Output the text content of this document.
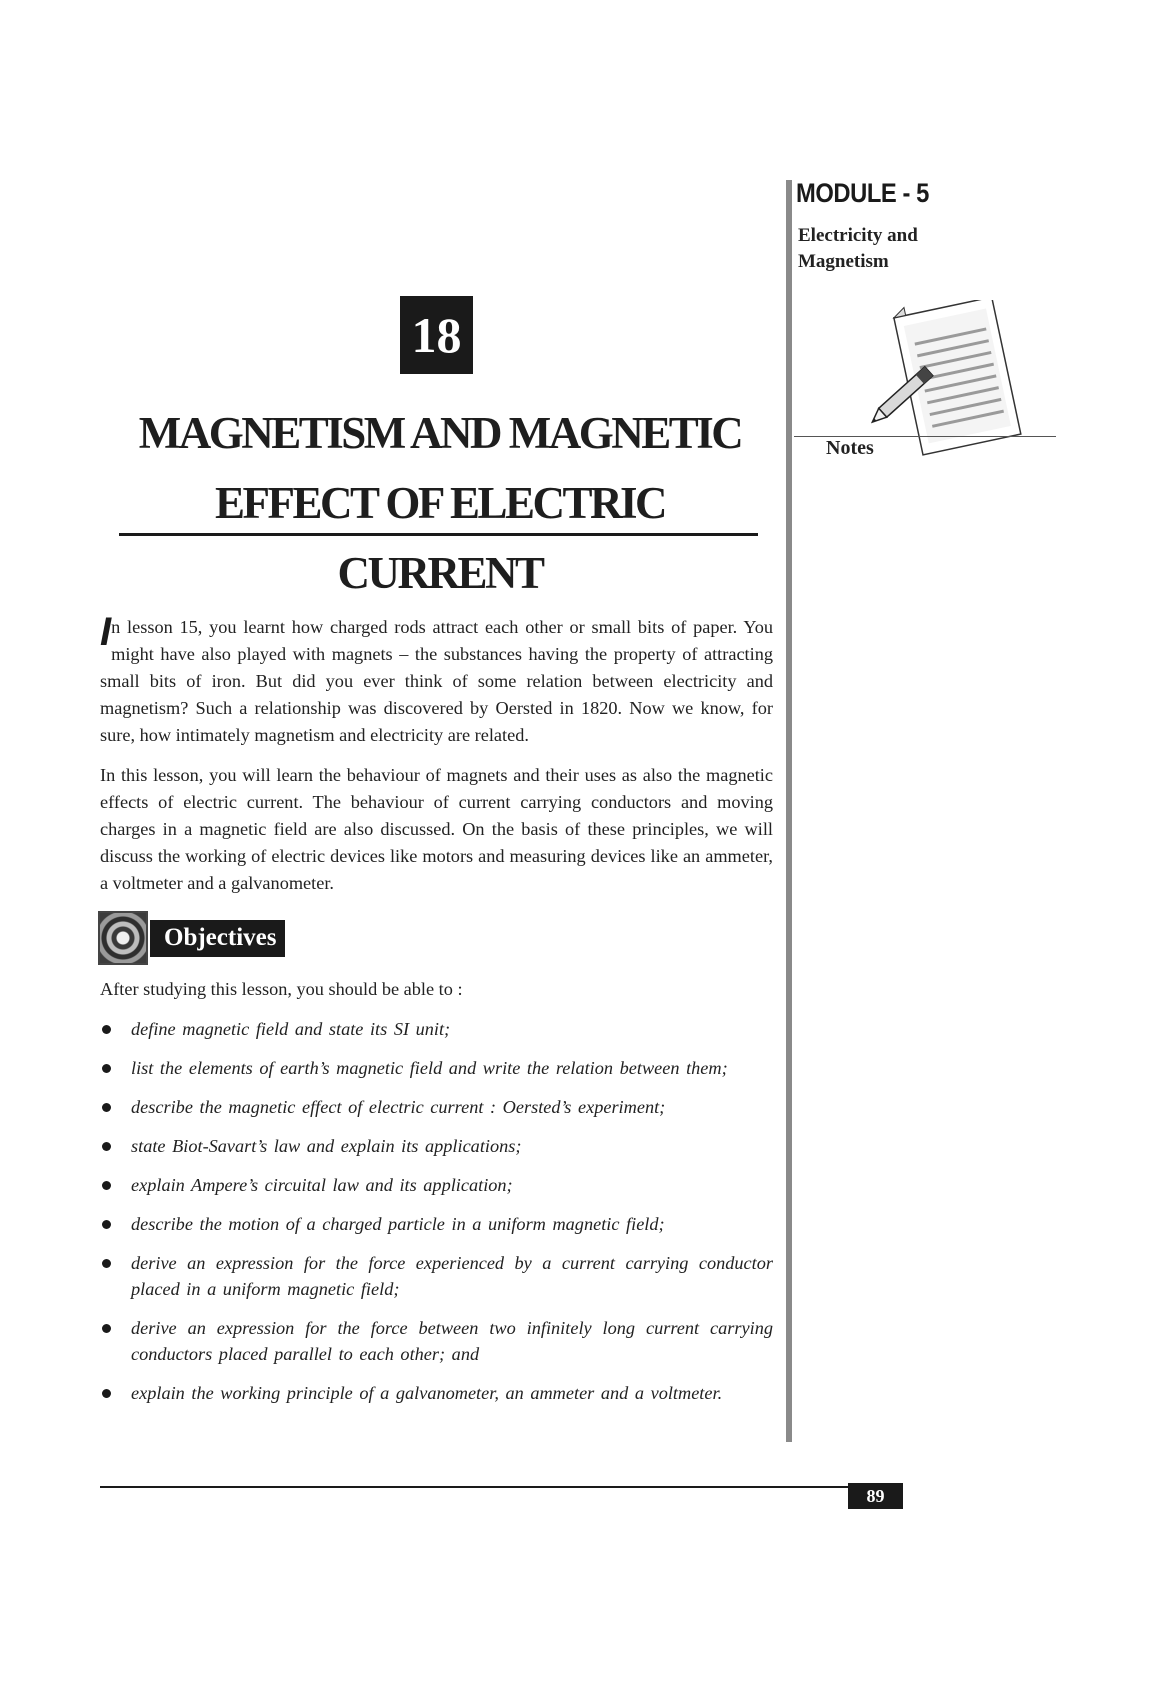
MODULE - 5
Electricity and
Magnetism
Notes
18
MAGNETISM AND MAGNETIC
EFFECT OF ELECTRIC CURRENT
In lesson 15, you learnt how charged rods attract each other or small bits of paper. You might have also played with magnets – the substances having the property of attracting small bits of iron. But did you ever think of some relation between electricity and magnetism? Such a relationship was discovered by Oersted in 1820. Now we know, for sure, how intimately magnetism and electricity are related.
In this lesson, you will learn the behaviour of magnets and their uses as also the magnetic effects of electric current. The behaviour of current carrying conductors and moving charges in a magnetic field are also discussed. On the basis of these principles, we will discuss the working of electric devices like motors and measuring devices like an ammeter, a voltmeter and a galvanometer.
Objectives
After studying this lesson, you should be able to :
define magnetic field and state its SI unit;
list the elements of earth’s magnetic field and write the relation between them;
describe the magnetic effect of electric current : Oersted’s experiment;
state Biot-Savart’s law and explain its applications;
explain Ampere’s circuital law and its application;
describe the motion of a charged particle in a uniform magnetic field;
derive an expression for the force experienced by a current carrying conductor placed in a uniform magnetic field;
derive an expression for the force between two infinitely long current carrying conductors placed parallel to each other; and
explain the working principle of a galvanometer, an ammeter and a voltmeter.
89
